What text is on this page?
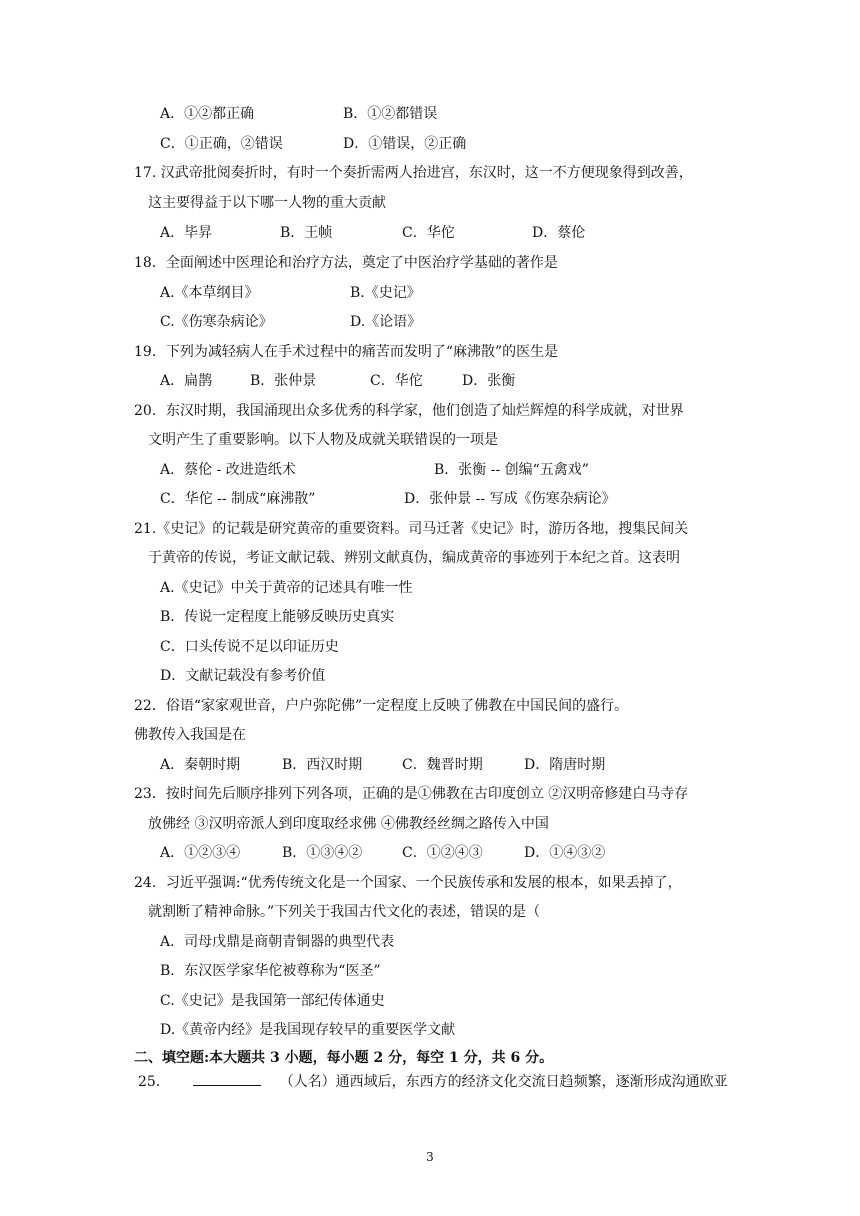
A．①②都正确	B．①②都错误
C．①正确，②错误	D．①错误，②正确
17. 汉武帝批阅奏折时，有时一个奏折需两人抬进宫，东汉时，这一不方便现象得到改善，
这主要得益于以下哪一人物的重大贡献
A．毕昇	B．王帧	C．华佗	D．蔡伦
18．全面阐述中医理论和治疗方法，奠定了中医治疗学基础的著作是
A.《本草纲目》	B.《史记》
C.《伤寒杂病论》	D.《论语》
19．下列为减轻病人在手术过程中的痛苦而发明了“麻沸散”的医生是
A．扁鹊	B．张仲景	C．华佗	D．张衡
20．东汉时期，我国涌现出众多优秀的科学家，他们创造了灿烂辉煌的科学成就，对世界
文明产生了重要影响。以下人物及成就关联错误的一项是
A．蔡伦 ‑ 改进造纸术	B．张衡 ‑‑ 创编“五禽戏”
C．华佗 ‑‑ 制成“麻沸散”	D．张仲景 ‑‑ 写成《伤寒杂病论》
21.《史记》的记载是研究黄帝的重要资料。司马迁著《史记》时，游历各地，搜集民间关
于黄帝的传说，考证文献记载、辨别文献真伪，编成黄帝的事迹列于本纪之首。这表明
A.《史记》中关于黄帝的记述具有唯一性
B．传说一定程度上能够反映历史真实
C．口头传说不足以印证历史
D．文献记载没有参考价值
22．俗语“家家观世音，户户弥陀佛”一定程度上反映了佛教在中国民间的盛行。
佛教传入我国是在
A．秦朝时期	B．西汉时期	C．魏晋时期	D．隋唐时期
23．按时间先后顺序排列下列各项，正确的是①佛教在古印度创立 ②汉明帝修建白马寺存
放佛经 ③汉明帝派人到印度取经求佛 ④佛教经丝绸之路传入中国
A．①②③④	B．①③④②	C．①②④③	D．①④③②
24．习近平强调:“优秀传统文化是一个国家、一个民族传承和发展的根本，如果丢掉了，
就割断了精神命脉。”下列关于我国古代文化的表述，错误的是（
A．司母戊鼎是商朝青铜器的典型代表
B．东汉医学家华佗被尊称为“医圣”
C.《史记》是我国第一部纪传体通史
D.《黄帝内经》是我国现存较早的重要医学文献
二、填空题:本大题共 3 小题，每小题 2 分，每空 1 分，共 6 分。
25．	（人名）通西域后，东西方的经济文化交流日趋频繁，逐渐形成沟通欧亚
3
